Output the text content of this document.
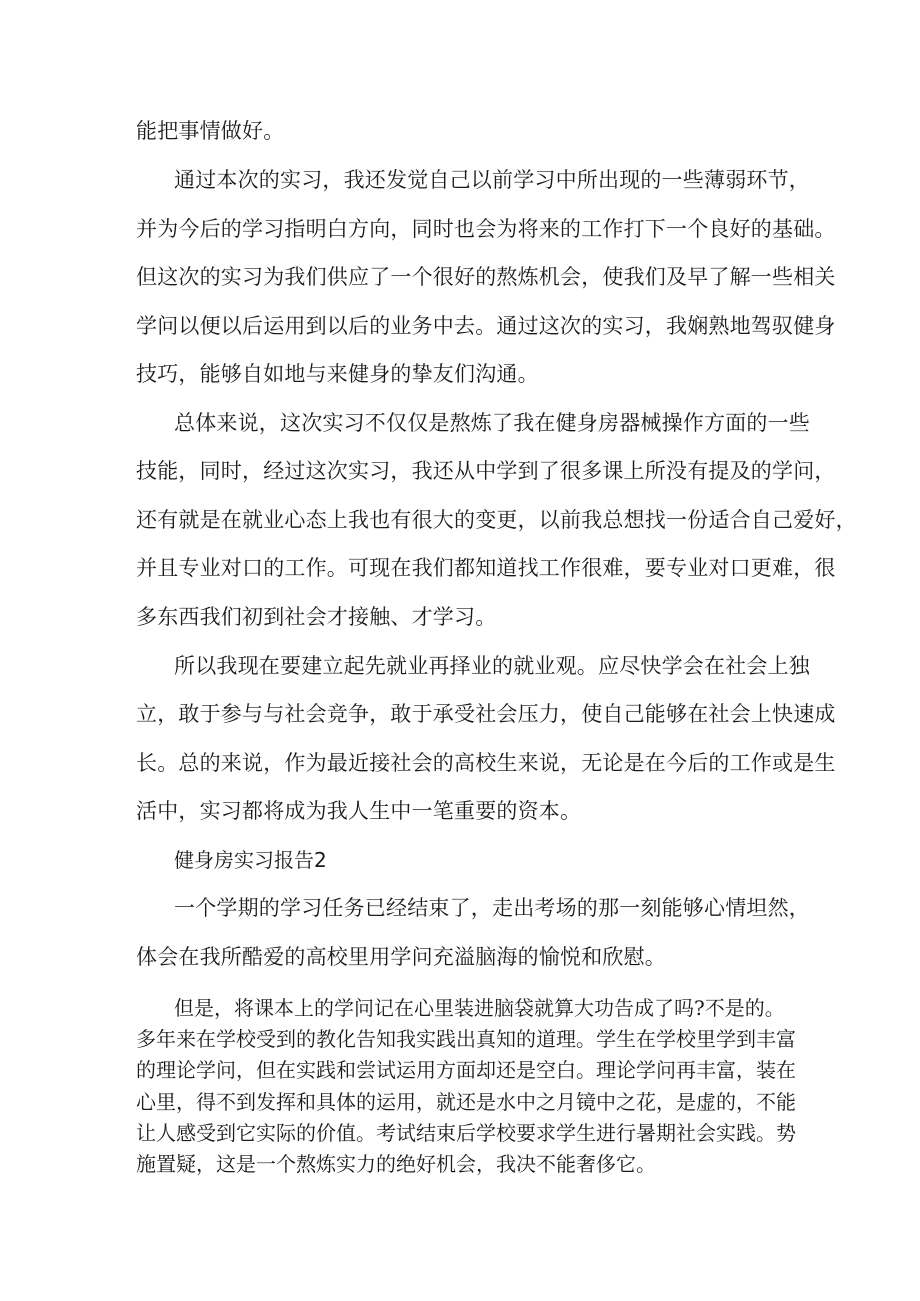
能把事情做好。
通过本次的实习，我还发觉自己以前学习中所出现的一些薄弱环节，
并为今后的学习指明白方向，同时也会为将来的工作打下一个良好的基础。
但这次的实习为我们供应了一个很好的熬炼机会，使我们及早了解一些相关
学问以便以后运用到以后的业务中去。通过这次的实习，我娴熟地驾驭健身
技巧，能够自如地与来健身的挚友们沟通。
总体来说，这次实习不仅仅是熬炼了我在健身房器械操作方面的一些
技能，同时，经过这次实习，我还从中学到了很多课上所没有提及的学问，
还有就是在就业心态上我也有很大的变更，以前我总想找一份适合自己爱好，
并且专业对口的工作。可现在我们都知道找工作很难，要专业对口更难，很
多东西我们初到社会才接触、才学习。
所以我现在要建立起先就业再择业的就业观。应尽快学会在社会上独
立，敢于参与与社会竞争，敢于承受社会压力，使自己能够在社会上快速成
长。总的来说，作为最近接社会的高校生来说，无论是在今后的工作或是生
活中，实习都将成为我人生中一笔重要的资本。
健身房实习报告2
一个学期的学习任务已经结束了，走出考场的那一刻能够心情坦然，
体会在我所酷爱的高校里用学问充溢脑海的愉悦和欣慰。
但是，将课本上的学问记在心里装进脑袋就算大功告成了吗?不是的。
多年来在学校受到的教化告知我实践出真知的道理。学生在学校里学到丰富
的理论学问，但在实践和尝试运用方面却还是空白。理论学问再丰富，装在
心里，得不到发挥和具体的运用，就还是水中之月镜中之花，是虚的，不能
让人感受到它实际的价值。考试结束后学校要求学生进行暑期社会实践。势
施置疑，这是一个熬炼实力的绝好机会，我决不能奢侈它。
